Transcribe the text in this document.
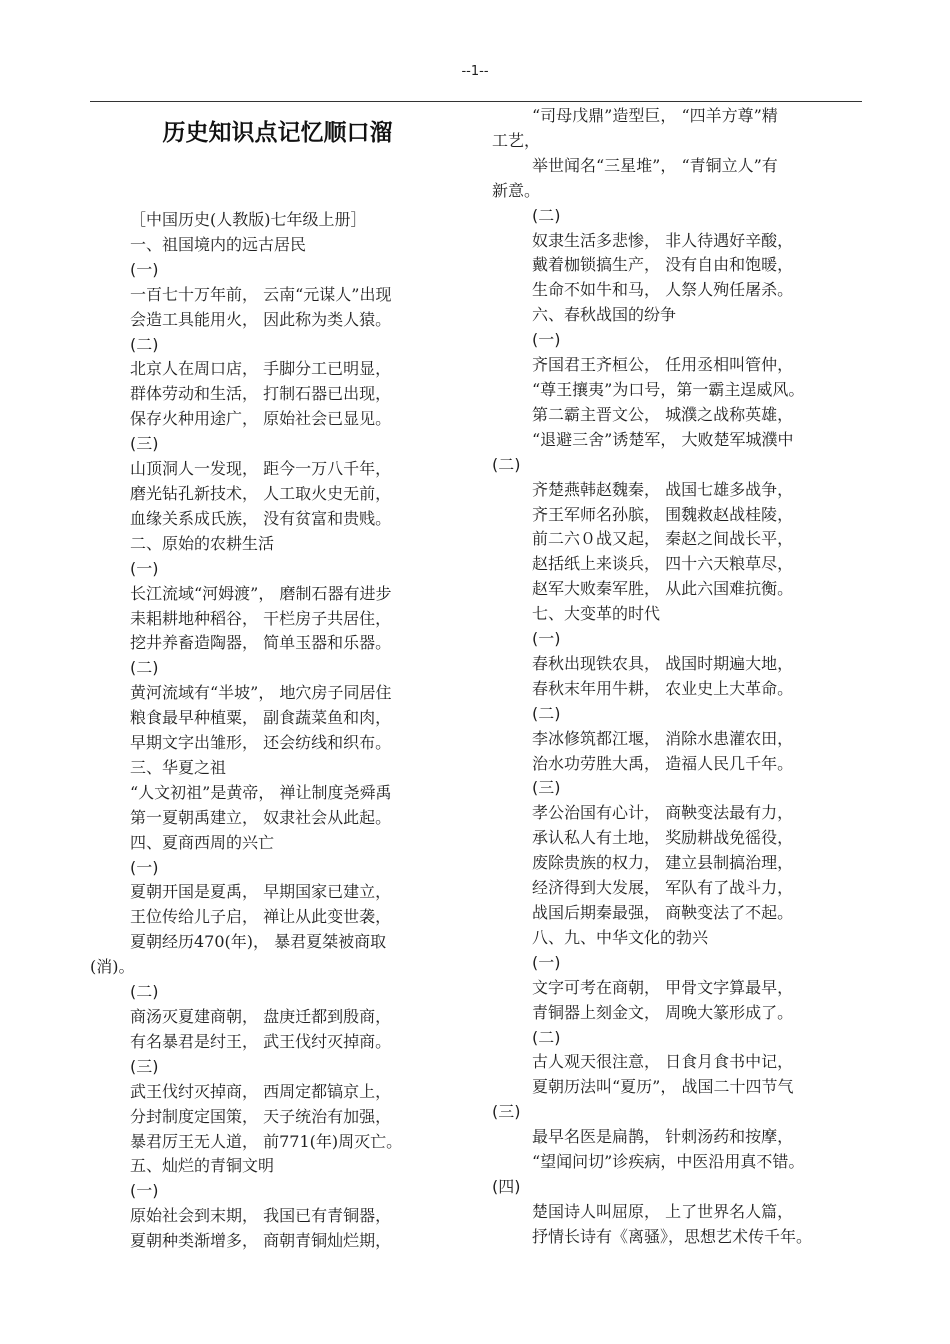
--1--
历史知识点记忆顺口溜
［中国历史(人教版)七年级上册］
一、祖国境内的远古居民
(一)
一百七十万年前， 云南“元谋人”出现
会造工具能用火， 因此称为类人猿。
(二)
北京人在周口店， 手脚分工已明显，
群体劳动和生活， 打制石器已出现，
保存火种用途广， 原始社会已显见。
(三)
山顶洞人一发现， 距今一万八千年，
磨光钻孔新技术， 人工取火史无前，
血缘关系成氏族， 没有贫富和贵贱。
二、原始的农耕生活
(一)
长江流域“河姆渡”， 磨制石器有进步
耒耜耕地种稻谷， 干栏房子共居住，
挖井养畜造陶器， 简单玉器和乐器。
(二)
黄河流域有“半坡”， 地穴房子同居住
粮食最早种植粟， 副食蔬菜鱼和肉，
早期文字出雏形， 还会纺线和织布。
三、华夏之祖
“人文初祖”是黄帝， 禅让制度尧舜禹
第一夏朝禹建立， 奴隶社会从此起。
四、夏商西周的兴亡
(一)
夏朝开国是夏禹， 早期国家已建立，
王位传给儿子启， 禅让从此变世袭，
夏朝经历470(年)， 暴君夏桀被商取
(消)。
(二)
商汤灭夏建商朝， 盘庚迁都到殷商，
有名暴君是纣王， 武王伐纣灭掉商。
(三)
武王伐纣灭掉商， 西周定都镐京上，
分封制度定国策， 天子统治有加强，
暴君厉王无人道， 前771(年)周灭亡。
五、灿烂的青铜文明
(一)
原始社会到末期， 我国已有青铜器，
夏朝种类渐增多， 商朝青铜灿烂期，
“司母戊鼎”造型巨， “四羊方尊”精
工艺，
举世闻名“三星堆”， “青铜立人”有
新意。
(二)
奴隶生活多悲惨， 非人待遇好辛酸，
戴着枷锁搞生产， 没有自由和饱暖，
生命不如牛和马， 人祭人殉任屠杀。
六、春秋战国的纷争
(一)
齐国君王齐桓公， 任用丞相叫管仲，
“尊王攘夷”为口号，第一霸主逞威风。
第二霸主晋文公， 城濮之战称英雄，
“退避三舍”诱楚军， 大败楚军城濮中
(二)
齐楚燕韩赵魏秦， 战国七雄多战争，
齐王军师名孙膑， 围魏救赵战桂陵，
前二六０战又起， 秦赵之间战长平，
赵括纸上来谈兵， 四十六天粮草尽，
赵军大败秦军胜， 从此六国难抗衡。
七、大变革的时代
(一)
春秋出现铁农具， 战国时期遍大地，
春秋末年用牛耕， 农业史上大革命。
(二)
李冰修筑都江堰， 消除水患灌农田，
治水功劳胜大禹， 造福人民几千年。
(三)
孝公治国有心计， 商鞅变法最有力，
承认私人有土地， 奖励耕战免徭役，
废除贵族的权力， 建立县制搞治理，
经济得到大发展， 军队有了战斗力，
战国后期秦最强， 商鞅变法了不起。
八、九、中华文化的勃兴
(一)
文字可考在商朝， 甲骨文字算最早，
青铜器上刻金文， 周晚大篆形成了。
(二)
古人观天很注意， 日食月食书中记，
夏朝历法叫“夏历”， 战国二十四节气
(三)
最早名医是扁鹊， 针刺汤药和按摩，
“望闻问切”诊疾病，中医沿用真不错。
(四)
楚国诗人叫屈原， 上了世界名人篇，
抒情长诗有《离骚》，思想艺术传千年。
